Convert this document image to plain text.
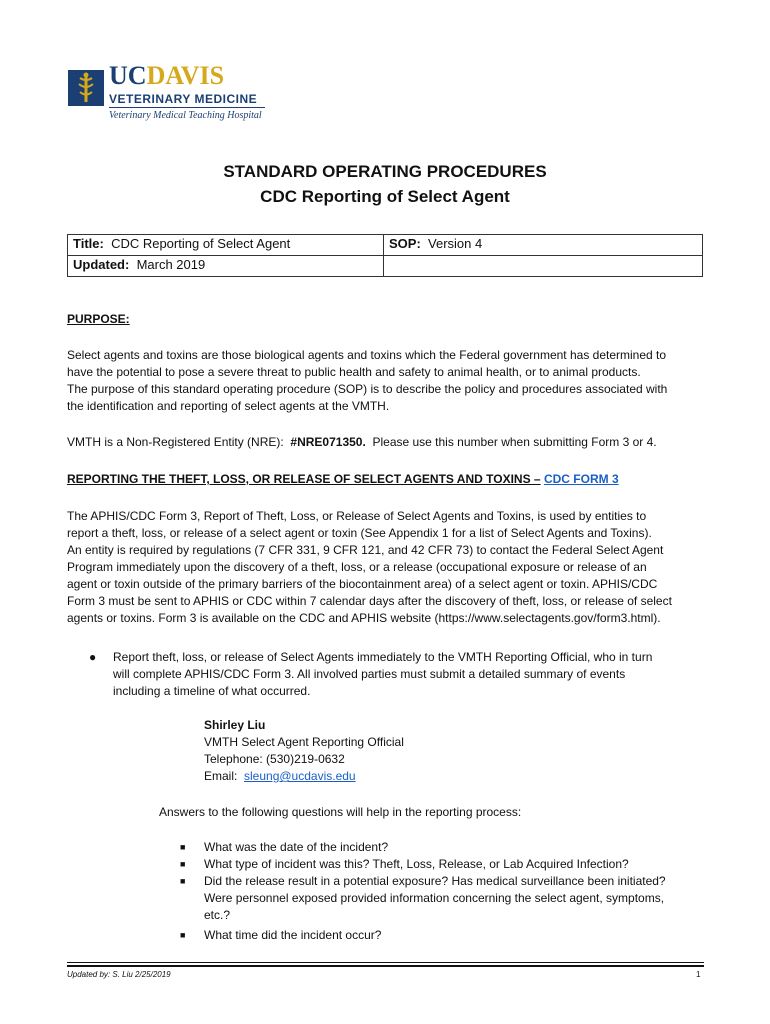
UCDAVIS
VETERINARY MEDICINE
Veterinary Medical Teaching Hospital
STANDARD OPERATING PROCEDURES
CDC Reporting of Select Agent
Title: CDC Reporting of Select Agent	SOP: Version 4
Updated: March 2019	
PURPOSE:
Select agents and toxins are those biological agents and toxins which the Federal government has determined to
have the potential to pose a severe threat to public health and safety to animal health, or to animal products.
The purpose of this standard operating procedure (SOP) is to describe the policy and procedures associated with
the identification and reporting of select agents at the VMTH.
VMTH is a Non-Registered Entity (NRE): #NRE071350. Please use this number when submitting Form 3 or 4.
REPORTING THE THEFT, LOSS, OR RELEASE OF SELECT AGENTS AND TOXINS – CDC FORM 3
The APHIS/CDC Form 3, Report of Theft, Loss, or Release of Select Agents and Toxins, is used by entities to
report a theft, loss, or release of a select agent or toxin (See Appendix 1 for a list of Select Agents and Toxins).
An entity is required by regulations (7 CFR 331, 9 CFR 121, and 42 CFR 73) to contact the Federal Select Agent
Program immediately upon the discovery of a theft, loss, or a release (occupational exposure or release of an
agent or toxin outside of the primary barriers of the biocontainment area) of a select agent or toxin. APHIS/CDC
Form 3 must be sent to APHIS or CDC within 7 calendar days after the discovery of theft, loss, or release of select
agents or toxins. Form 3 is available on the CDC and APHIS website (https://www.selectagents.gov/form3.html).
● Report theft, loss, or release of Select Agents immediately to the VMTH Reporting Official, who in turn
will complete APHIS/CDC Form 3. All involved parties must submit a detailed summary of events
including a timeline of what occurred.
Shirley Liu
VMTH Select Agent Reporting Official
Telephone: (530)219-0632
Email: sleung@ucdavis.edu
Answers to the following questions will help in the reporting process:
■ What was the date of the incident?
■ What type of incident was this? Theft, Loss, Release, or Lab Acquired Infection?
■ Did the release result in a potential exposure? Has medical surveillance been initiated?
Were personnel exposed provided information concerning the select agent, symptoms,
etc.?
■ What time did the incident occur?
Updated by: S. Liu 2/25/2019	1
